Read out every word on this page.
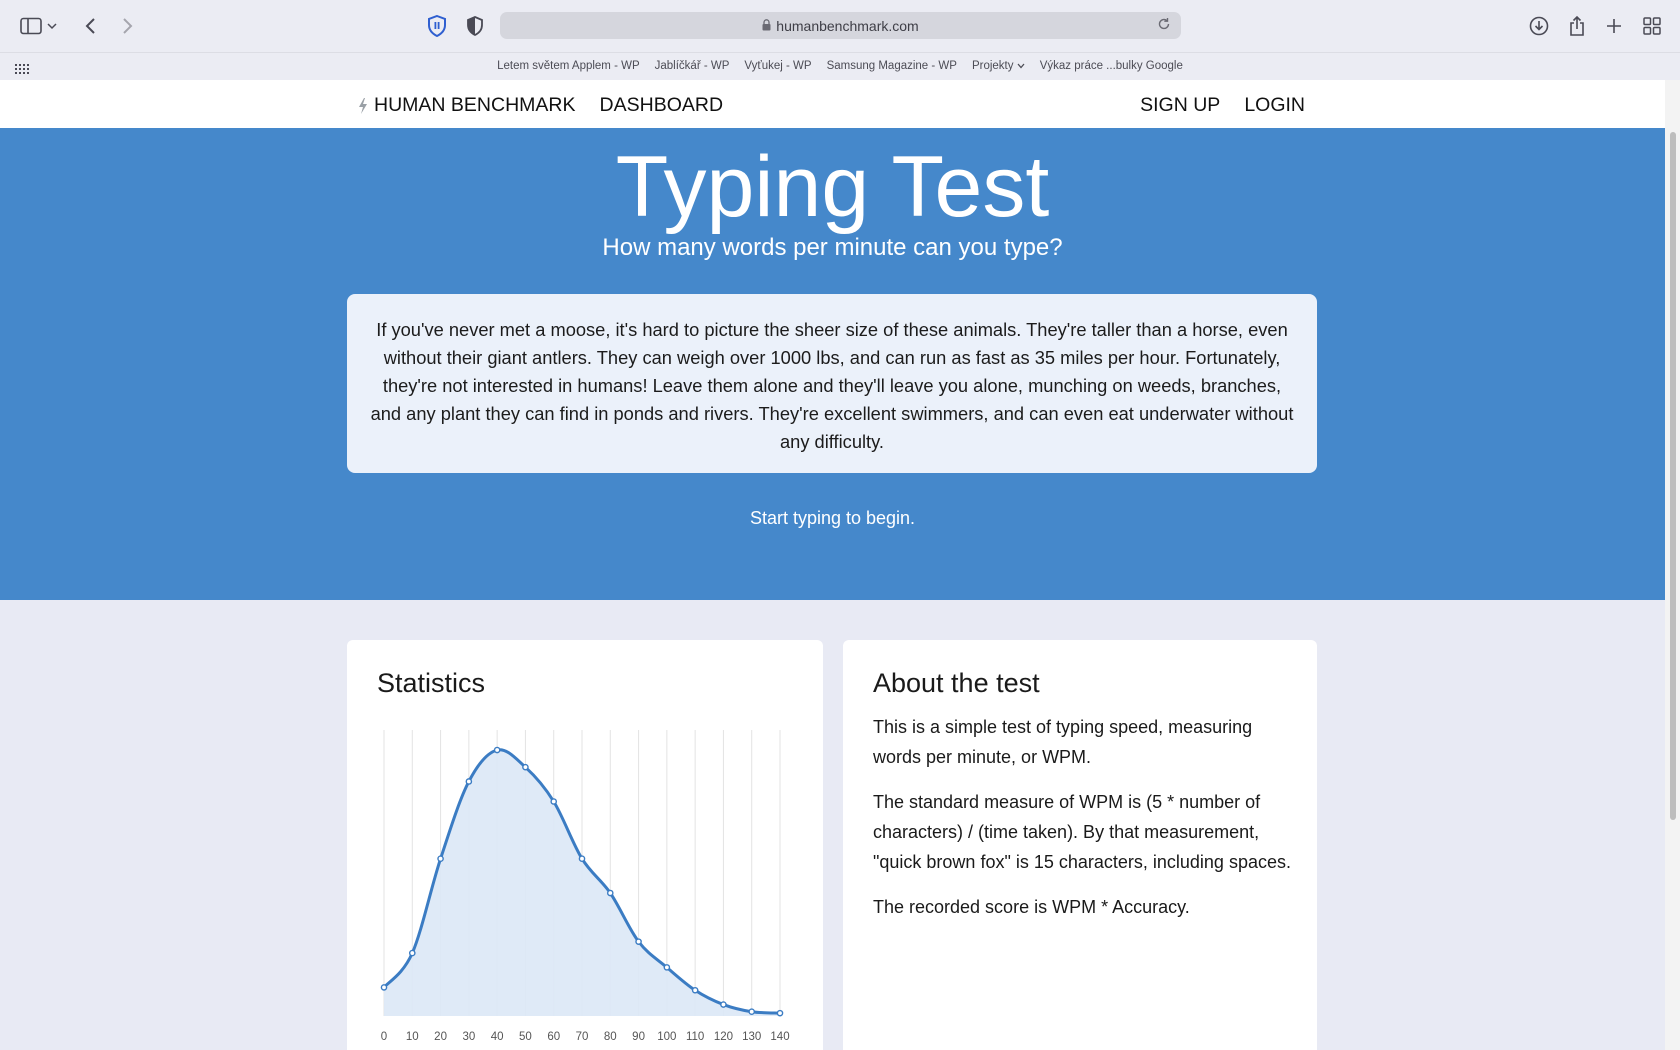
humanbenchmark.com
Letem světem Applem - WP Jablíčkář - WP Vyťukej - WP Samsung Magazine - WP Projekty	Výkaz práce ...bulky Google
HUMAN BENCHMARK DASHBOARD	SIGN UP LOGIN
Typing Test
How many words per minute can you type?
If you've never met a moose, it's hard to picture the sheer size of these animals. They're taller than a horse, even without their giant antlers. They can weigh over 1000 lbs, and can run as fast as 35 miles per hour. Fortunately, they're not interested in humans! Leave them alone and they'll leave you alone, munching on weeds, branches, and any plant they can find in ponds and rivers. They're excellent swimmers, and can even eat underwater without any difficulty.
Start typing to begin.
Statistics
0 10 20 30 40 50 60 70 80 90 100 110 120 130 140
About the test

This is a simple test of typing speed, measuring words per minute, or WPM.

The standard measure of WPM is (5 * number of characters) / (time taken). By that measurement, "quick brown fox" is 15 characters, including spaces.

The recorded score is WPM * Accuracy.
